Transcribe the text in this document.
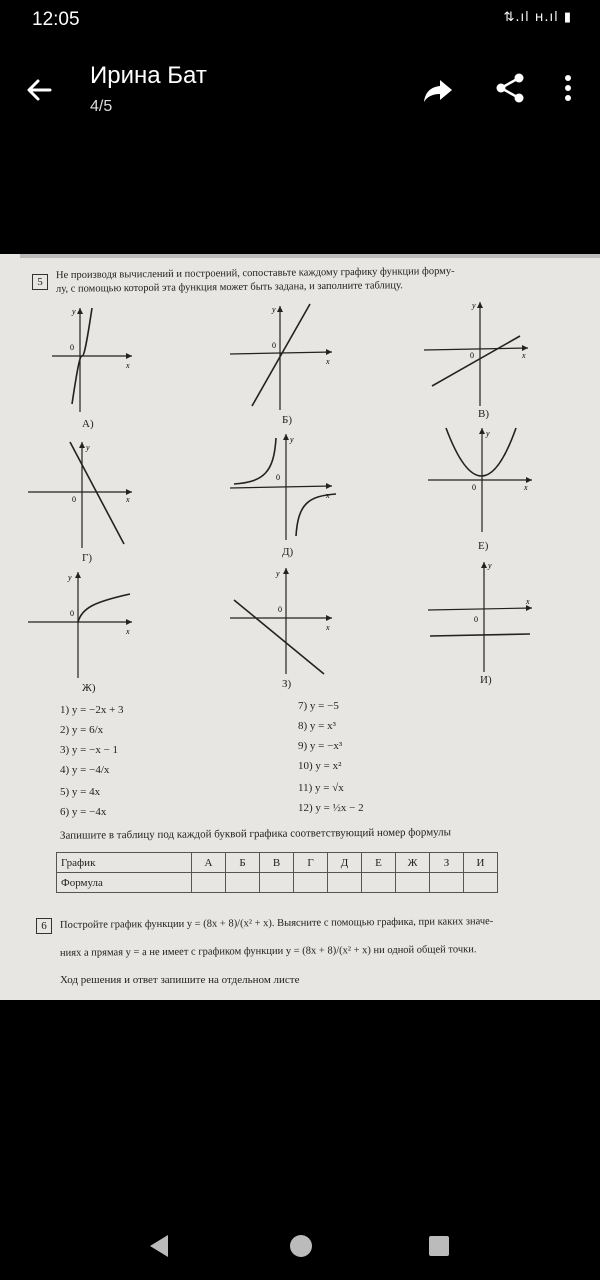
12:05	⇅.ıl ʜ.ıl ▮
Ирина Бат
4/5
5
Не производя вычислений и построений, сопоставьте каждому графику функции форму-
лу, с помощью которой эта функция может быть задана, и заполните таблицу.
0
x
y
0
x
y
0	x
y
А)	Б)	В)
0	x
y
0
x
y
0	x
y
Г)	Д)	Е)
0
x
y
0
x
y
0
x
y
Ж)	З)	И)
1) y = −2x + 3
2) y = 6/x
3) y = −x − 1
4) y = −4/x
5) y = 4x
6) y = −4x
7) y = −5
8) y = x³
9) y = −x³
10) y = x²
11) y = √x
12) y = ½x − 2
Запишите в таблицу под каждой буквой графика соответствующий номер формулы
График	А	Б	В	Г	Д	Е	Ж	З	И
Формула									
6	Постройте график функции y = (8x + 8)/(x² + x). Выясните с помощью графика, при каких значе-
ниях a прямая y = a не имеет с графиком функции y = (8x + 8)/(x² + x) ни одной общей точки.
Ход решения и ответ запишите на отдельном листе
